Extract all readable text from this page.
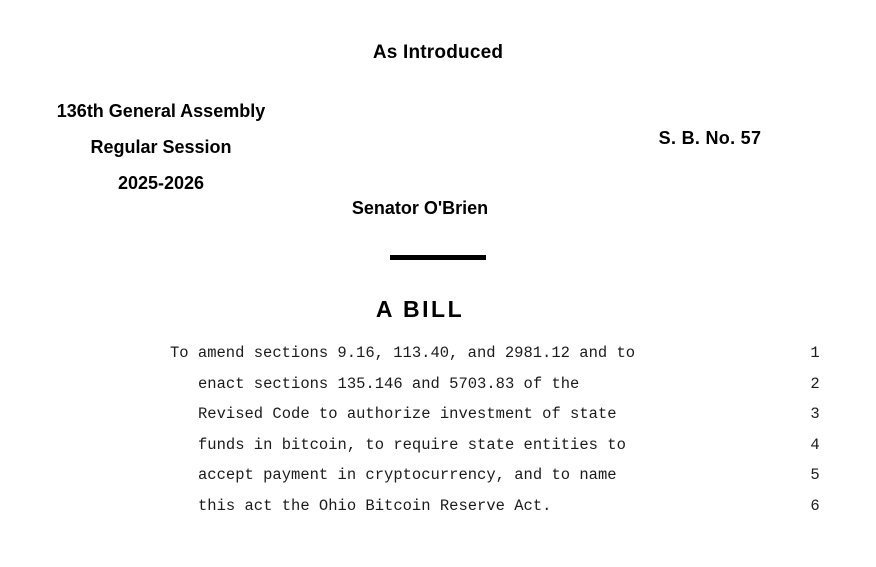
As Introduced
136th General Assembly
Regular Session
2025-2026
S. B. No. 57
Senator O'Brien
A BILL

To amend sections 9.16, 113.40, and 2981.12 and to

	1

enact sections 135.146 and 5703.83 of the

	2

Revised Code to authorize investment of state

	3

funds in bitcoin, to require state entities to

	4

accept payment in cryptocurrency, and to name

	5

this act the Ohio Bitcoin Reserve Act.

	6
